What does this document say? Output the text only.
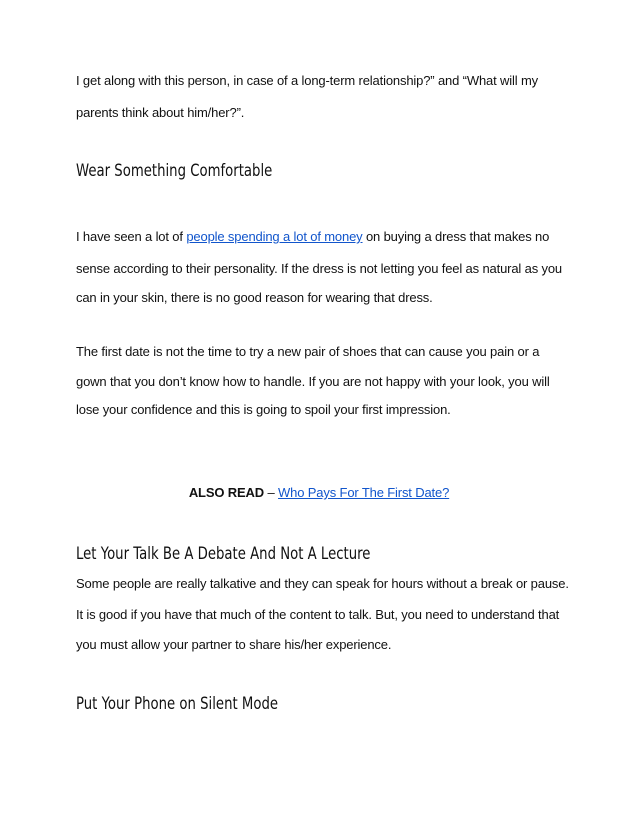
I get along with this person, in case of a long-term relationship?” and “What will my
parents think about him/her?”.
Wear Something Comfortable
I have seen a lot of people spending a lot of money on buying a dress that makes no
sense according to their personality. If the dress is not letting you feel as natural as you
can in your skin, there is no good reason for wearing that dress.
The first date is not the time to try a new pair of shoes that can cause you pain or a
gown that you don’t know how to handle. If you are not happy with your look, you will
lose your confidence and this is going to spoil your first impression.
ALSO READ – Who Pays For The First Date?
Let Your Talk Be A Debate And Not A Lecture
Some people are really talkative and they can speak for hours without a break or pause.
It is good if you have that much of the content to talk. But, you need to understand that
you must allow your partner to share his/her experience.
Put Your Phone on Silent Mode
